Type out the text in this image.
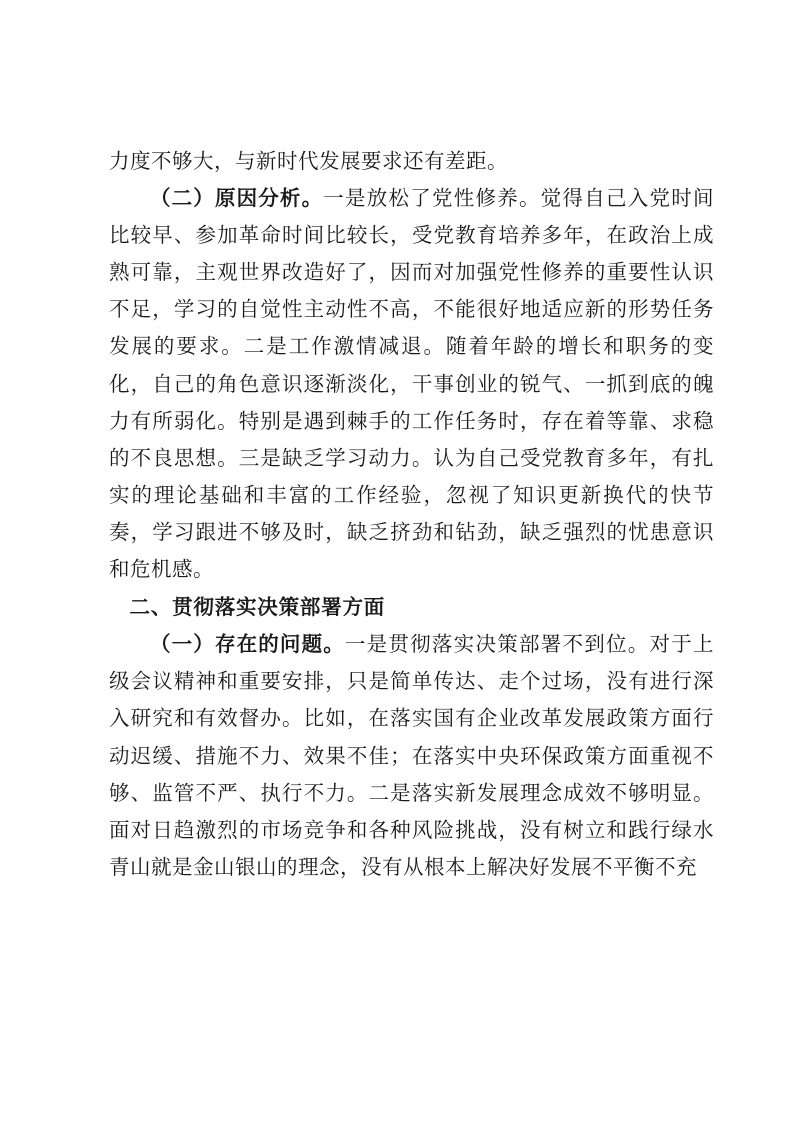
力度不够大，与新时代发展要求还有差距。

（二）原因分析。一是放松了党性修养。觉得自己入党时间比较早、参加革命时间比较长，受党教育培养多年，在政治上成熟可靠，主观世界改造好了，因而对加强党性修养的重要性认识不足，学习的自觉性主动性不高，不能很好地适应新的形势任务发展的要求。二是工作激情减退。随着年龄的增长和职务的变化，自己的角色意识逐渐淡化，干事创业的锐气、一抓到底的魄力有所弱化。特别是遇到棘手的工作任务时，存在着等靠、求稳的不良思想。三是缺乏学习动力。认为自己受党教育多年，有扎实的理论基础和丰富的工作经验，忽视了知识更新换代的快节奏，学习跟进不够及时，缺乏挤劲和钻劲，缺乏强烈的忧患意识和危机感。

二、贯彻落实决策部署方面

（一）存在的问题。一是贯彻落实决策部署不到位。对于上级会议精神和重要安排，只是简单传达、走个过场，没有进行深入研究和有效督办。比如，在落实国有企业改革发展政策方面行动迟缓、措施不力、效果不佳；在落实中央环保政策方面重视不够、监管不严、执行不力。二是落实新发展理念成效不够明显。面对日趋激烈的市场竞争和各种风险挑战，没有树立和践行绿水青山就是金山银山的理念，没有从根本上解决好发展不平衡不充
